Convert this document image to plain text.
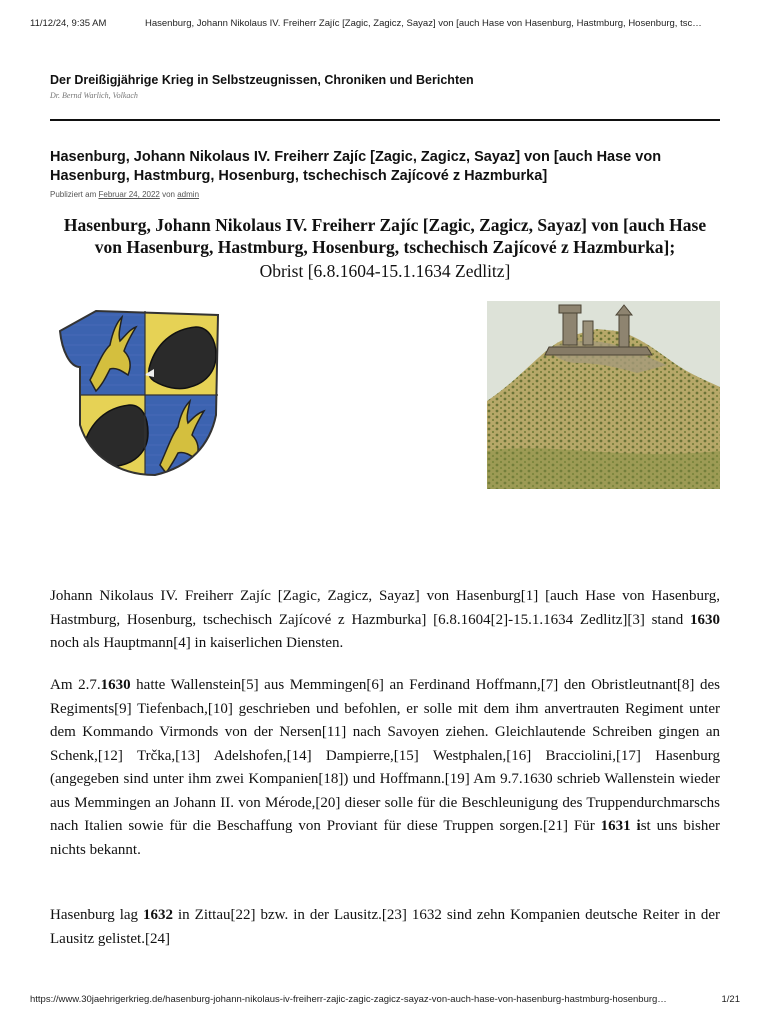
11/12/24, 9:35 AM	Hasenburg, Johann Nikolaus IV. Freiherr Zajíc [Zagic, Zagicz, Sayaz] von [auch Hase von Hasenburg, Hastmburg, Hosenburg, tsc…
Der Dreißigjährige Krieg in Selbstzeugnissen, Chroniken und Berichten
Dr. Bernd Warlich, Volkach
Hasenburg, Johann Nikolaus IV. Freiherr Zajíc [Zagic, Zagicz, Sayaz] von [auch Hase von Hasenburg, Hastmburg, Hosenburg, tschechisch Zajícové z Hazmburka]
Publiziert am Februar 24, 2022 von admin
Hasenburg, Johann Nikolaus IV. Freiherr Zajíc [Zagic, Zagicz, Sayaz] von [auch Hase von Hasenburg, Hastmburg, Hosenburg, tschechisch Zajícové z Hazmburka];
Obrist [6.8.1604-15.1.1634 Zedlitz]

Johann Nikolaus IV. Freiherr Zajíc [Zagic, Zagicz, Sayaz] von Hasenburg[1] [auch Hase von Hasenburg, Hastmburg, Hosenburg, tschechisch Zajícové z Hazmburka] [6.8.1604[2]-15.1.1634 Zedlitz][3] stand 1630 noch als Hauptmann[4] in kaiserlichen Diensten.

Am 2.7.1630 hatte Wallenstein[5] aus Memmingen[6] an Ferdinand Hoffmann,[7] den Obristleutnant[8] des Regiments[9] Tiefenbach,[10] geschrieben und befohlen, er solle mit dem ihm anvertrauten Regiment unter dem Kommando Virmonds von der Nersen[11] nach Savoyen ziehen. Gleichlautende Schreiben gingen an Schenk,[12] Trčka,[13] Adelshofen,[14] Dampierre,[15] Westphalen,[16] Bracciolini,[17] Hasenburg (angegeben sind unter ihm zwei Kompanien[18]) und Hoffmann.[19] Am 9.7.1630 schrieb Wallenstein wieder aus Memmingen an Johann II. von Mérode,[20] dieser solle für die Beschleunigung des Truppendurchmarschs nach Italien sowie für die Beschaffung von Proviant für diese Truppen sorgen.[21] Für 1631 ist uns bisher nichts bekannt.

Hasenburg lag 1632 in Zittau[22] bzw. in der Lausitz.[23] 1632 sind zehn Kompanien deutsche Reiter in der Lausitz gelistet.[24]

https://www.30jaehrigerkrieg.de/hasenburg-johann-nikolaus-iv-freiherr-zajic-zagic-zagicz-sayaz-von-auch-hase-von-hasenburg-hastmburg-hosenburg…	1/21
